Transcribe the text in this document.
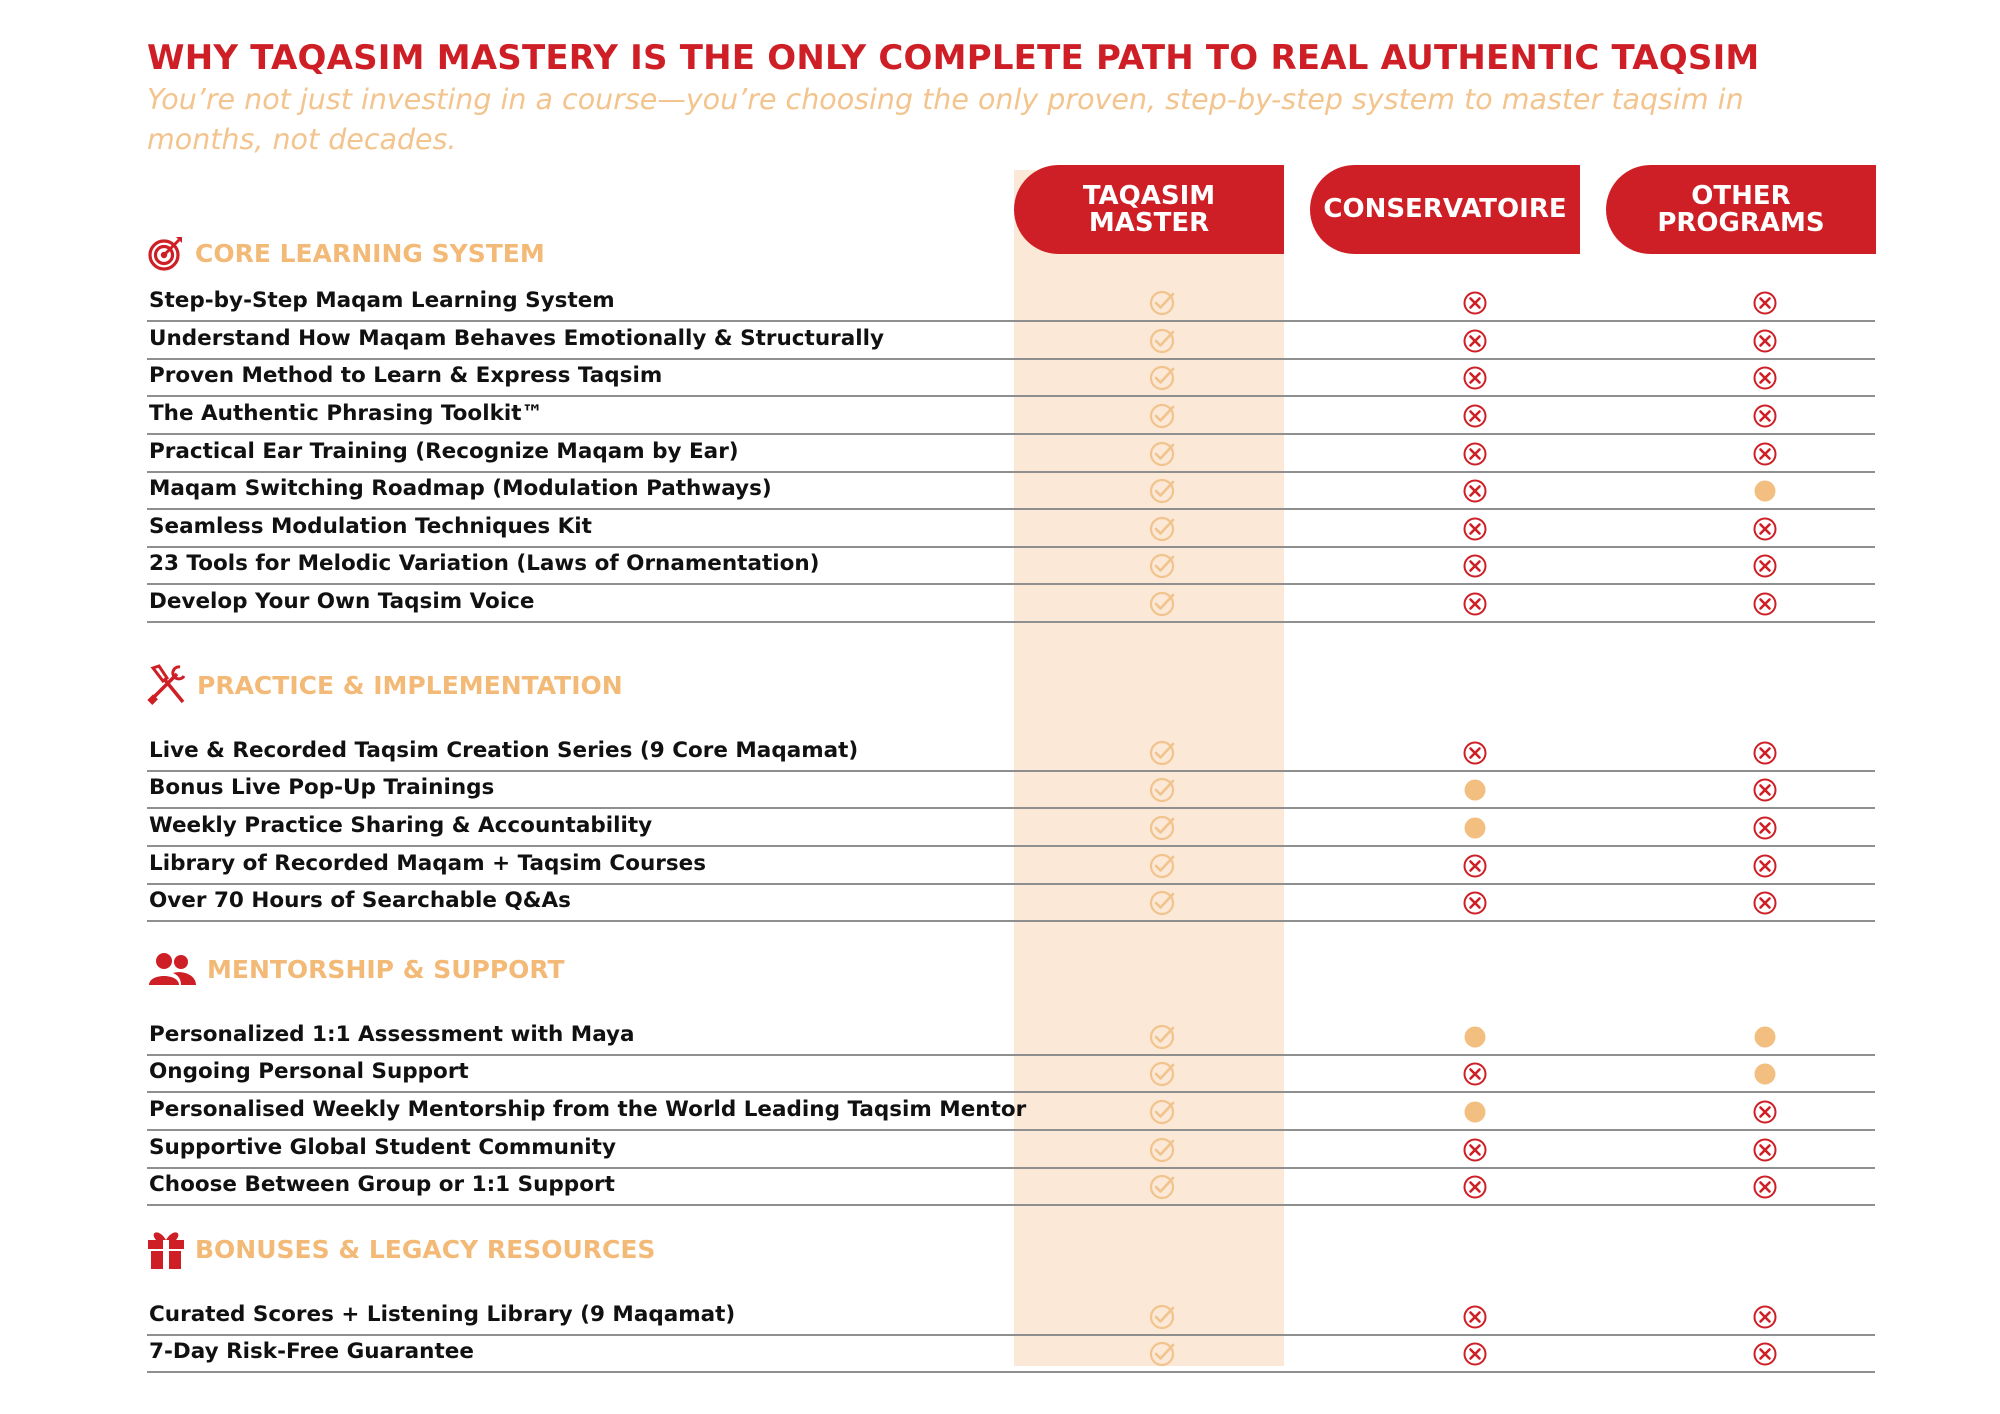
WHY TAQASIM MASTERY IS THE ONLY COMPLETE PATH TO REAL AUTHENTIC TAQSIM

You’re not just investing in a course—you’re choosing the only proven, step-by-step system to master taqsim in months, not decades.

TAQASIM
MASTER	CONSERVATOIRE	OTHER
PROGRAMS
CORE LEARNING SYSTEM
Step-by-Step Maqam Learning System
Understand How Maqam Behaves Emotionally & Structurally
Proven Method to Learn & Express Taqsim
The Authentic Phrasing Toolkit™
Practical Ear Training (Recognize Maqam by Ear)
Maqam Switching Roadmap (Modulation Pathways)
Seamless Modulation Techniques Kit
23 Tools for Melodic Variation (Laws of Ornamentation)
Develop Your Own Taqsim Voice
PRACTICE & IMPLEMENTATION
Live & Recorded Taqsim Creation Series (9 Core Maqamat)
Bonus Live Pop-Up Trainings
Weekly Practice Sharing & Accountability
Library of Recorded Maqam + Taqsim Courses
Over 70 Hours of Searchable Q&As
MENTORSHIP & SUPPORT
Personalized 1:1 Assessment with Maya
Ongoing Personal Support
Personalised Weekly Mentorship from the World Leading Taqsim Mentor
Supportive Global Student Community
Choose Between Group or 1:1 Support
BONUSES & LEGACY RESOURCES
Curated Scores + Listening Library (9 Maqamat)
7-Day Risk-Free Guarantee
